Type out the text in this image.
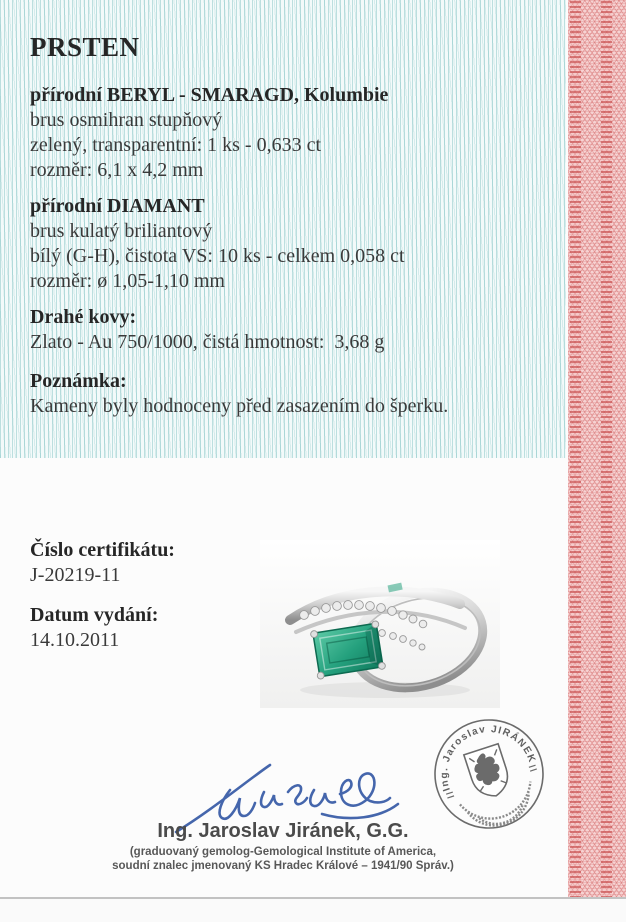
PRSTEN
přírodní BERYL - SMARAGD, Kolumbie
brus osmihran stupňový
zelený, transparentní: 1 ks - 0,633 ct
rozměr: 6,1 x 4,2 mm
přírodní DIAMANT
brus kulatý briliantový
bílý (G-H), čistota VS: 10 ks - celkem 0,058 ct
rozměr: ø 1,05-1,10 mm
Drahé kovy:
Zlato - Au 750/1000, čistá hmotnost:  3,68 g
Poznámka:
Kameny byly hodnoceny před zasazením do šperku.
Číslo certifikátu:
J-20219-11
Datum vydání:
14.10.2011
Ing. Jaroslav JIRÁNEK
Ing. Jaroslav Jiránek, G.G.
(graduovaný gemolog-Gemological Institute of America,
soudní znalec jmenovaný KS Hradec Králové – 1941/90 Správ.)
